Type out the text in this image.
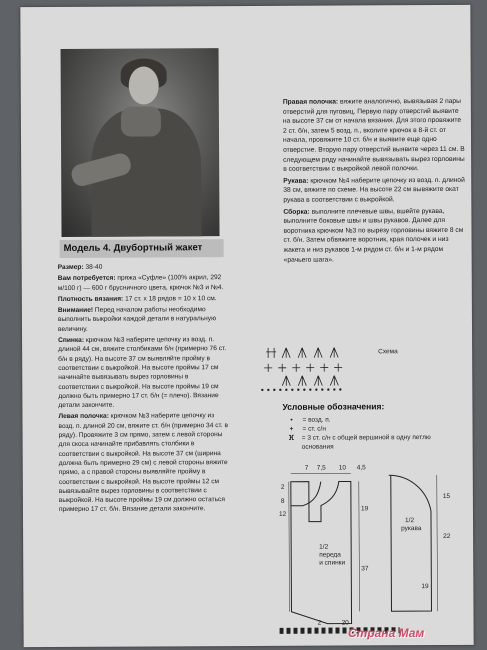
Модель 4. Двубортный жакет

Размер: 38-40

Вам потребуется: пряжа «Суфле» (100% акрил, 292 м/100 г) — 600 г брусничного цвета, крючок №3 и №4.

Плотность вязания: 17 ст. х 18 рядов = 10 х 10 см.

Внимание! Перед началом работы необходимо выполнить выкройки каждой детали в натуральную величину.

Спинка: крючком №3 наберите цепочку из возд. п. длиной 44 см, вяжите столбиками б/н (примерно 76 ст. б/н в ряду). На высоте 37 см выявляйте пройму в соответствии с выкройкой. На высоте проймы 17 см начинайте вывязывать вырез горловины в соответствии с выкройкой. На высоте проймы 19 см должно быть примерно 17 ст. б/н (= плечо). Вязание детали закончите.

Левая полочка: крючком №3 наберите цепочку из возд. п. длиной 20 см, вяжите ст. б/н (примерно 34 ст. в ряду). Провяжите 3 см прямо, затем с левой стороны для скоса начинайте прибавлять столбики в соответствии с выкройкой. На высоте 37 см (ширина должна быть примерно 29 см) с левой стороны вяжите прямо, а с правой стороны выявляйте пройму в соответствии с выкройкой. На высоте проймы 12 см вывязывайте вырез горловины в соответствии с выкройкой. На высоте проймы 19 см должно остаться примерно 17 ст. б/н. Вязание детали закончите.

Правая полочка: вяжите аналогично, вывязывая 2 пары отверстий для пуговиц. Первую пару отверстий выявите на высоте 37 см от начала вязания. Для этого провяжите 2 ст. б/н, затем 5 возд. п., вколите крючок в 8-й ст. от начала, провяжите 10 ст. б/н и выявите еще одно отверстие. Вторую пару отверстий выявите через 11 см. В следующем ряду начинайте вывязывать вырез горловины в соответствии с выкройкой левой полочки.

Рукава: крючком №4 наберите цепочку из возд. п. длиной 38 см, вяжите по схеме. На высоте 22 см вывяжите окат рукава в соответствии с выкройкой.

Сборка: выполните плечевые швы, вшейте рукава, выполните боковые швы и швы рукавов. Далее для воротника крючком №3 по вырезу горловины вяжите 8 см ст. б/н. Затем обвяжите воротник, края полочек и низ жакета и низ рукавов 1-м рядом ст. б/н и 1-м рядом «рачьего шага».

Схема
Условные обозначения:
•	= возд. п.
+	= ст. с/н
ⴼ	= 3 ст. с/н с общей вершиной в одну петлю основания
7 7,5 10 4,5
2
8
12
19
37
2	20
1/2
переда
и спинки
1/2
рукава
15
22
19
Страна Мам
